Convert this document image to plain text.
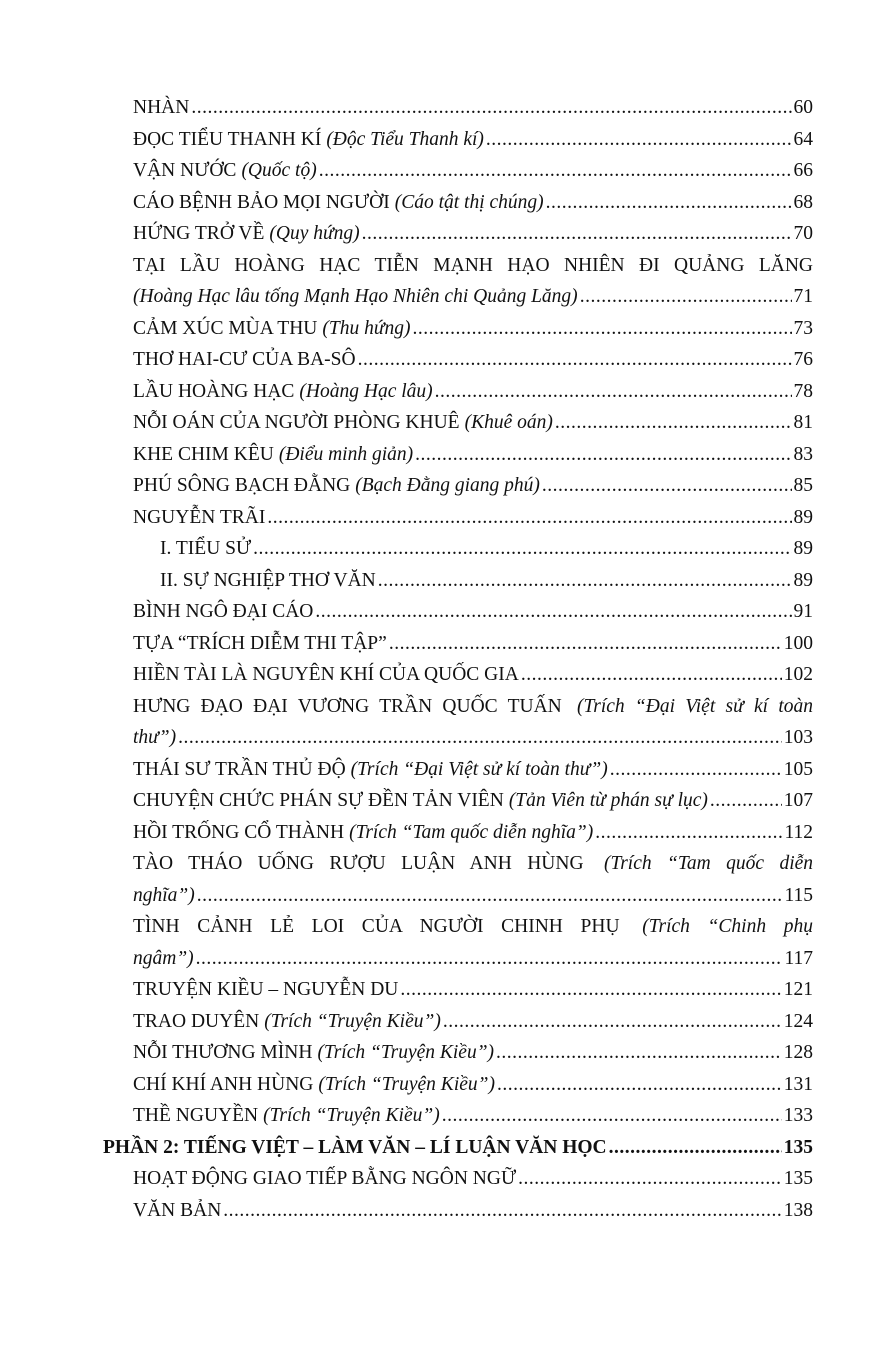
NHÀN .....	60
ĐỌC TIỂU THANH KÍ (Độc Tiểu Thanh kí) .....	64
VẬN NƯỚC (Quốc tộ) .....	66
CÁO BỆNH BẢO MỌI NGƯỜI (Cáo tật thị chúng) .....	68
HỨNG TRỞ VỀ (Quy hứng) .....	70
TẠI LẦU HOÀNG HẠC TIỄN MẠNH HẠO NHIÊN ĐI QUẢNG LĂNG
(Hoàng Hạc lâu tống Mạnh Hạo Nhiên chi Quảng Lăng) .....	71
CẢM XÚC MÙA THU (Thu hứng) .....	73
THƠ HAI-CƯ CỦA BA-SÔ .....	76
LẦU HOÀNG HẠC (Hoàng Hạc lâu) .....	78
NỖI OÁN CỦA NGƯỜI PHÒNG KHUÊ (Khuê oán) .....	81
KHE CHIM KÊU (Điểu minh giản) .....	83
PHÚ SÔNG BẠCH ĐẰNG (Bạch Đằng giang phú) .....	85
NGUYỄN TRÃI .....	89
I. TIỂU SỬ .....	89
II. SỰ NGHIỆP THƠ VĂN .....	89
BÌNH NGÔ ĐẠI CÁO .....	91
TỰA “TRÍCH DIỄM THI TẬP” .....	100
HIỀN TÀI LÀ NGUYÊN KHÍ CỦA QUỐC GIA .....	102
HƯNG ĐẠO ĐẠI VƯƠNG TRẦN QUỐC TUẤN (Trích “Đại Việt sử kí toàn
thư”) .....	103
THÁI SƯ TRẦN THỦ ĐỘ (Trích “Đại Việt sử kí toàn thư”) .....	105
CHUYỆN CHỨC PHÁN SỰ ĐỀN TẢN VIÊN (Tản Viên từ phán sự lục) .....	107
HỒI TRỐNG CỔ THÀNH (Trích “Tam quốc diễn nghĩa”) .....	112
TÀO THÁO UỐNG RƯỢU LUẬN ANH HÙNG (Trích “Tam quốc diễn
nghĩa”) .....	115
TÌNH CẢNH LẺ LOI CỦA NGƯỜI CHINH PHỤ (Trích “Chinh phụ
ngâm”) .....	117
TRUYỆN KIỀU – NGUYỄN DU .....	121
TRAO DUYÊN (Trích “Truyện Kiều”) .....	124
NỖI THƯƠNG MÌNH (Trích “Truyện Kiều”) .....	128
CHÍ KHÍ ANH HÙNG (Trích “Truyện Kiều”) .....	131
THỀ NGUYỀN (Trích “Truyện Kiều”) .....	133
PHẦN 2: TIẾNG VIỆT – LÀM VĂN – LÍ LUẬN VĂN HỌC .....	135
HOẠT ĐỘNG GIAO TIẾP BẰNG NGÔN NGỮ .....	135
VĂN BẢN .....	138
